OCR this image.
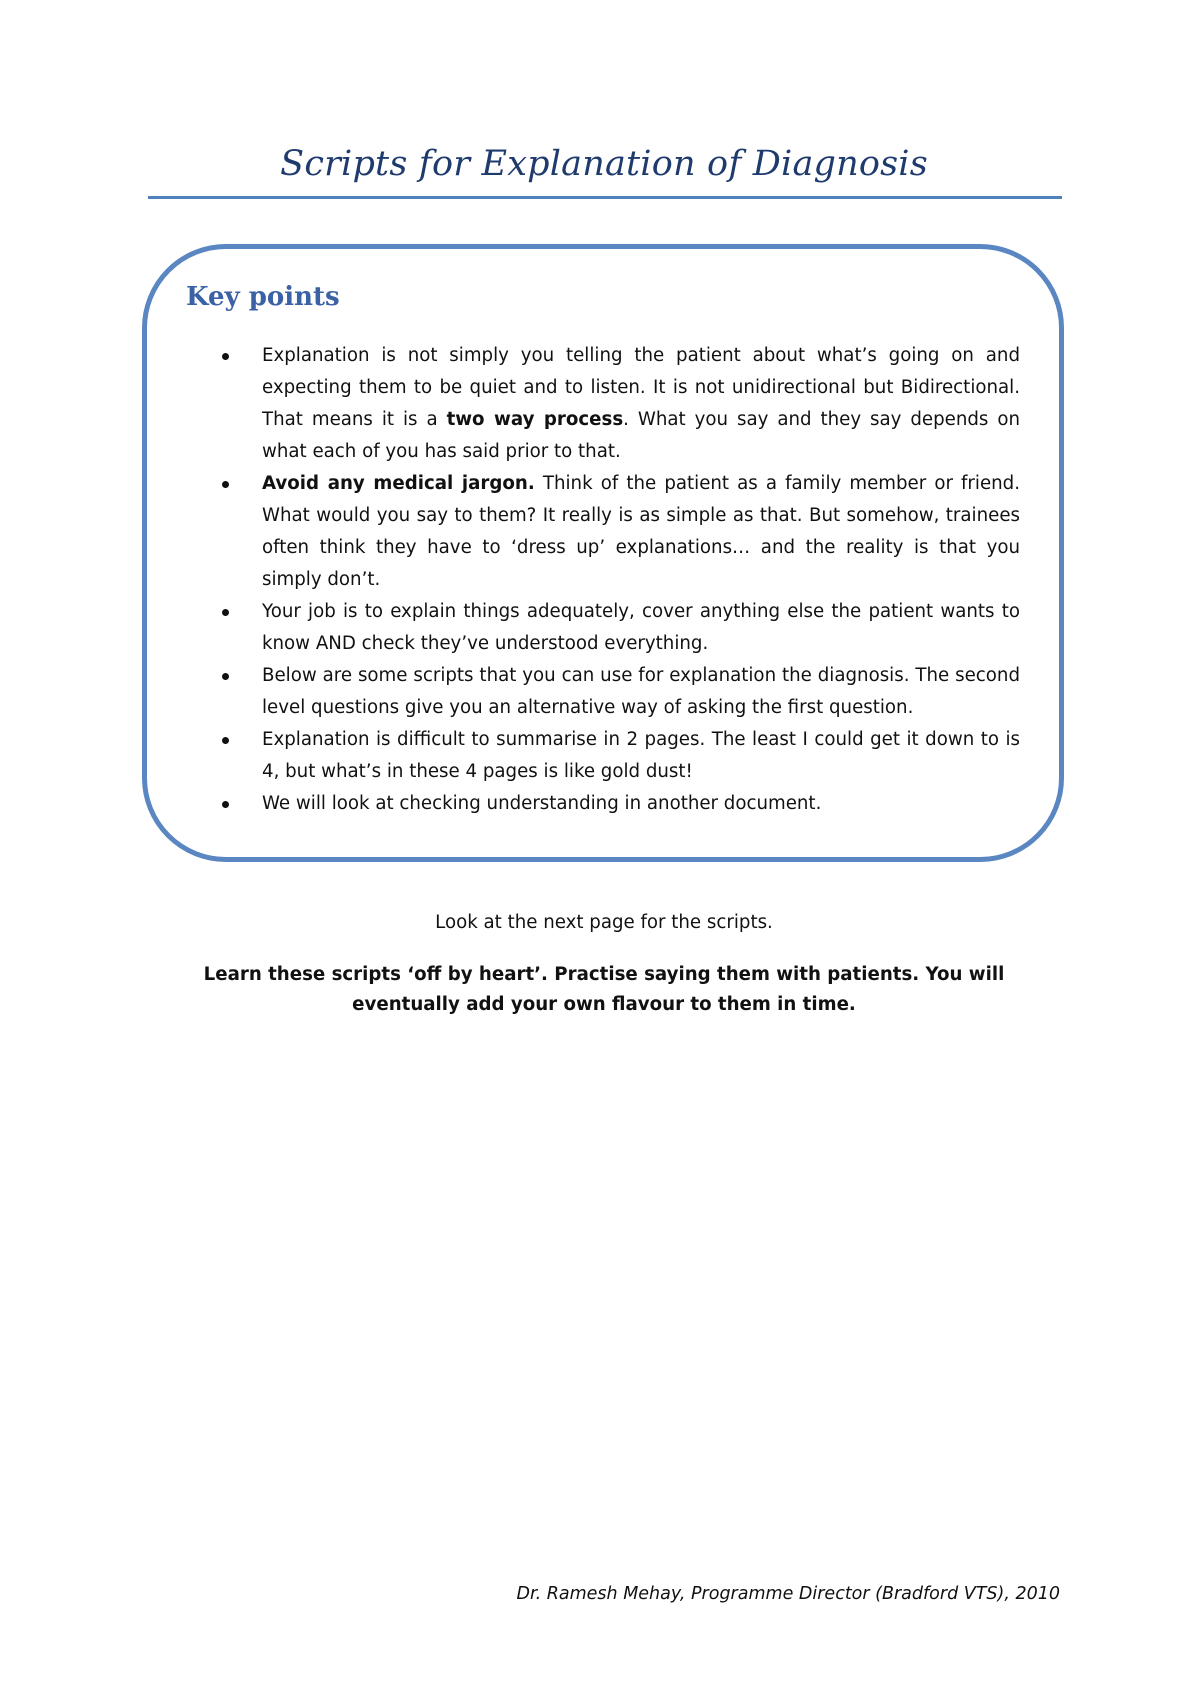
Scripts for Explanation of Diagnosis
Key points
Explanation is not simply you telling the patient about what’s going on and expecting them to be quiet and to listen. It is not unidirectional but Bidirectional. That means it is a two way process. What you say and they say depends on what each of you has said prior to that.
Avoid any medical jargon. Think of the patient as a family member or friend. What would you say to them? It really is as simple as that. But somehow, trainees often think they have to ‘dress up’ explanations… and the reality is that you simply don’t.
Your job is to explain things adequately, cover anything else the patient wants to know AND check they’ve understood everything.
Below are some scripts that you can use for explanation the diagnosis. The second level questions give you an alternative way of asking the first question.
Explanation is difficult to summarise in 2 pages. The least I could get it down to is 4, but what’s in these 4 pages is like gold dust!
We will look at checking understanding in another document.
Look at the next page for the scripts.
Learn these scripts ‘off by heart’. Practise saying them with patients. You will eventually add your own flavour to them in time.
Dr. Ramesh Mehay, Programme Director (Bradford VTS), 2010
